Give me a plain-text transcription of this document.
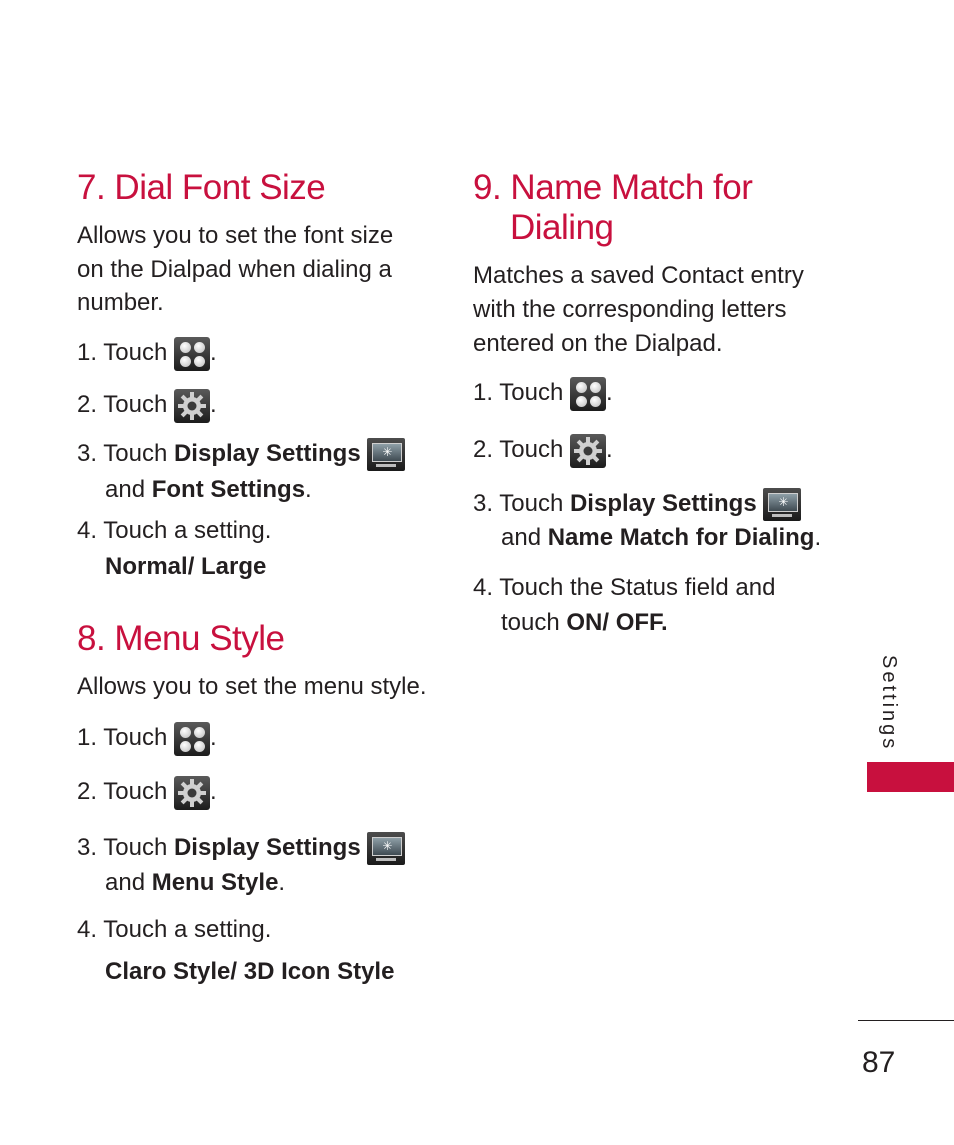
7. Dial Font Size
Allows you to set the font size
on the Dialpad when dialing a
number.
1. Touch .
2. Touch .
3. Touch Display Settings	✳
and Font Settings.
4. Touch a setting.
Normal/ Large
8. Menu Style
Allows you to set the menu style.
1. Touch .
2. Touch .
3. Touch Display Settings	✳
and Menu Style.
4. Touch a setting.
Claro Style/ 3D Icon Style
9. Name Match for
Dialing
Matches a saved Contact entry
with the corresponding letters
entered on the Dialpad.
1. Touch .
2. Touch .
3. Touch Display Settings	✳
and Name Match for Dialing.
4. Touch the Status field and
touch ON/ OFF.
Settings
87
